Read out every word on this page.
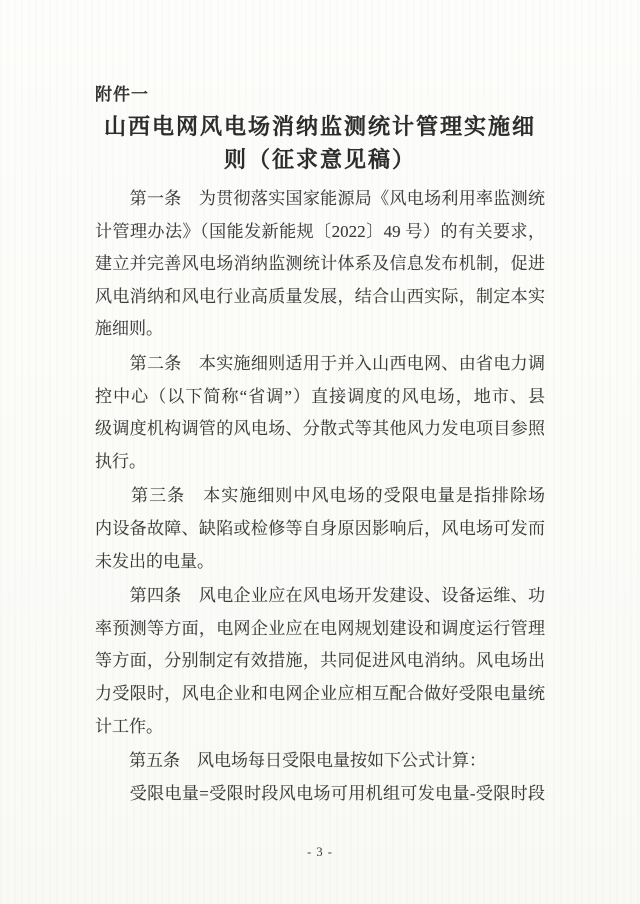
附件一
山西电网风电场消纳监测统计管理实施细
则（征求意见稿）

　　第一条　为贯彻落实国家能源局《风电场利用率监测统
计管理办法》（国能发新能规〔2022〕49 号）的有关要求，
建立并完善风电场消纳监测统计体系及信息发布机制，促进
风电消纳和风电行业高质量发展，结合山西实际，制定本实
施细则。

　　第二条　本实施细则适用于并入山西电网、由省电力调
控中心（以下简称“省调”）直接调度的风电场，地市、县
级调度机构调管的风电场、分散式等其他风力发电项目参照
执行。

　　第三条　本实施细则中风电场的受限电量是指排除场
内设备故障、缺陷或检修等自身原因影响后，风电场可发而
未发出的电量。

　　第四条　风电企业应在风电场开发建设、设备运维、功
率预测等方面，电网企业应在电网规划建设和调度运行管理
等方面，分别制定有效措施，共同促进风电消纳。风电场出
力受限时，风电企业和电网企业应相互配合做好受限电量统
计工作。

　　第五条　风电场每日受限电量按如下公式计算：
　　受限电量=受限时段风电场可用机组可发电量-受限时段

- 3 -
